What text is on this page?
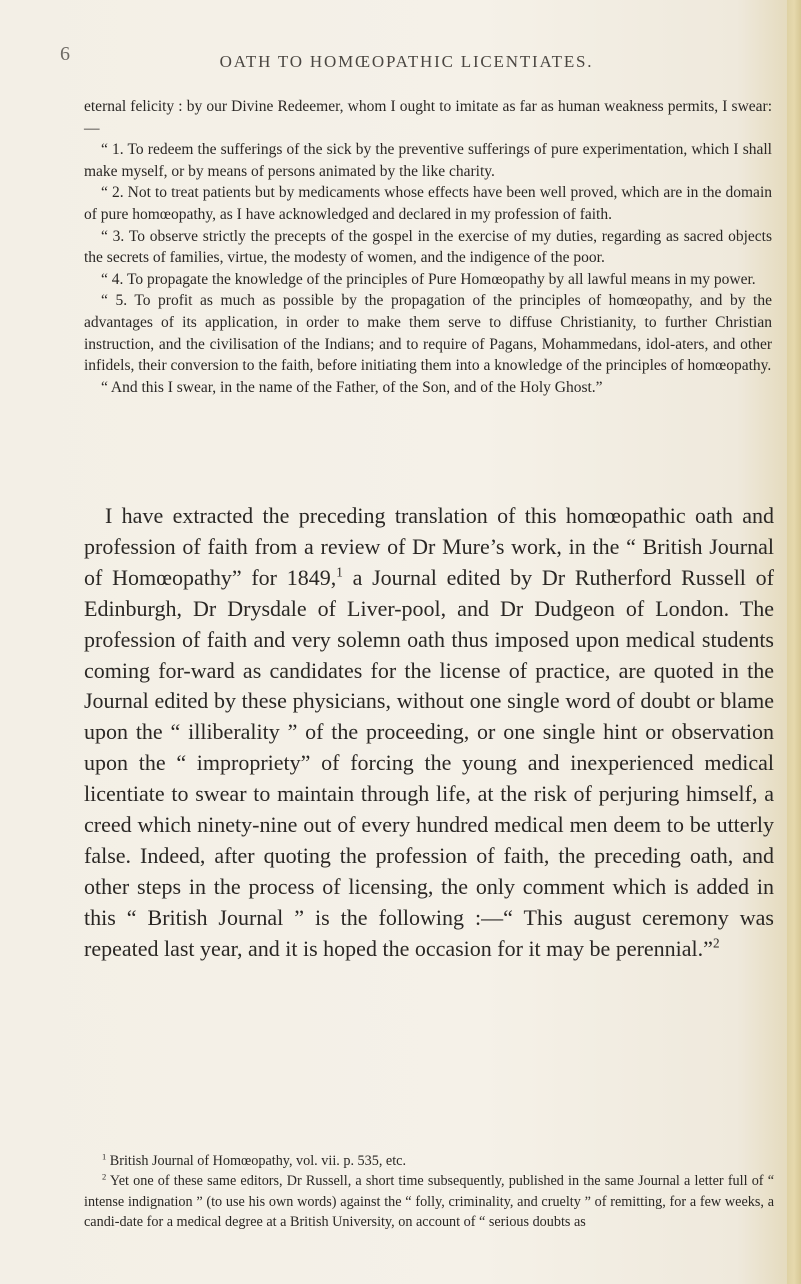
6	OATH TO HOMŒOPATHIC LICENTIATES.

eternal felicity : by our Divine Redeemer, whom I ought to imitate as far as human weakness permits, I swear:—

“ 1. To redeem the sufferings of the sick by the preventive sufferings of pure experimentation, which I shall make myself, or by means of persons animated by the like charity.

“ 2. Not to treat patients but by medicaments whose effects have been well proved, which are in the domain of pure homœopathy, as I have acknowledged and declared in my profession of faith.

“ 3. To observe strictly the precepts of the gospel in the exercise of my duties, regarding as sacred objects the secrets of families, virtue, the modesty of women, and the indigence of the poor.

“ 4. To propagate the knowledge of the principles of Pure Homœopathy by all lawful means in my power.

“ 5. To profit as much as possible by the propagation of the principles of homœopathy, and by the advantages of its application, in order to make them serve to diffuse Christianity, to further Christian instruction, and the civilisation of the Indians; and to require of Pagans, Mohammedans, idol-aters, and other infidels, their conversion to the faith, before initiating them into a knowledge of the principles of homœopathy.

“ And this I swear, in the name of the Father, of the Son, and of the Holy Ghost.”

I have extracted the preceding translation of this homœopathic oath and profession of faith from a review of Dr Mure’s work, in the “ British Journal of Homœopathy” for 1849,$^1$ a Journal edited by Dr Rutherford Russell of Edinburgh, Dr Drysdale of Liver-pool, and Dr Dudgeon of London. The profession of faith and very solemn oath thus imposed upon medical students coming for-ward as candidates for the license of practice, are quoted in the Journal edited by these physicians, without one single word of doubt or blame upon the “ illiberality ” of the proceeding, or one single hint or observation upon the “ impropriety” of forcing the young and inexperienced medical licentiate to swear to maintain through life, at the risk of perjuring himself, a creed which ninety-nine out of every hundred medical men deem to be utterly false. Indeed, after quoting the profession of faith, the preceding oath, and other steps in the process of licensing, the only comment which is added in this “ British Journal ” is the following :—“ This august ceremony was repeated last year, and it is hoped the occasion for it may be perennial.”$^2$

$^1$ British Journal of Homœopathy, vol. vii. p. 535, etc.

$^2$ Yet one of these same editors, Dr Russell, a short time subsequently, published in the same Journal a letter full of “ intense indignation ” (to use his own words) against the “ folly, criminality, and cruelty ” of remitting, for a few weeks, a candi-date for a medical degree at a British University, on account of “ serious doubts as
